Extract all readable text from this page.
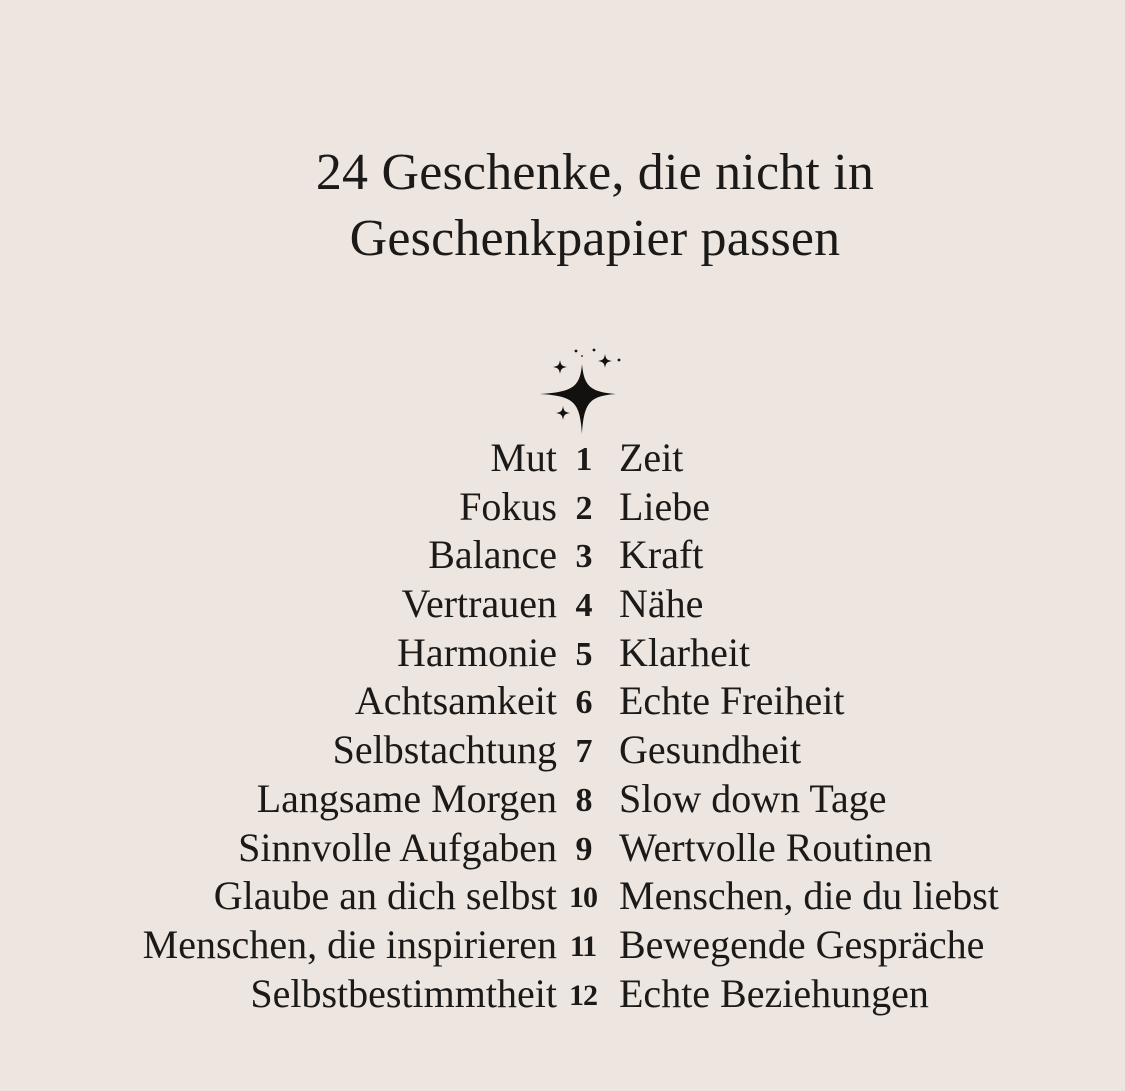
24 Geschenke, die nicht in
Geschenkpapier passen
Mut 1 Zeit
Fokus 2 Liebe
Balance 3 Kraft
Vertrauen 4 Nähe
Harmonie 5 Klarheit
Achtsamkeit 6 Echte Freiheit
Selbstachtung 7 Gesundheit
Langsame Morgen 8 Slow down Tage
Sinnvolle Aufgaben 9 Wertvolle Routinen
Glaube an dich selbst 10 Menschen, die du liebst
Menschen, die inspirieren 11 Bewegende Gespräche
Selbstbestimmtheit 12 Echte Beziehungen
